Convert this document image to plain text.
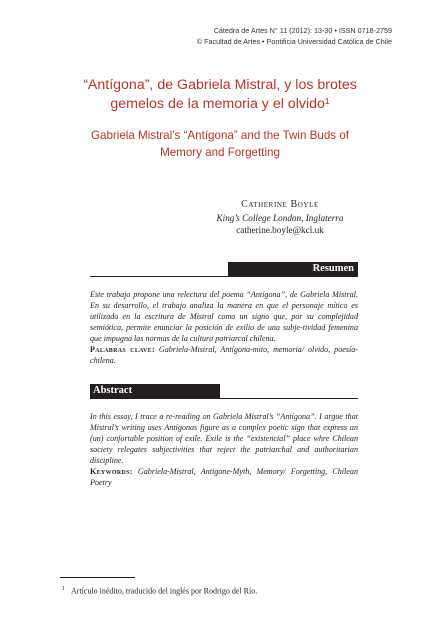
Cátedra de Artes N° 11 (2012): 13-30 • ISSN 0718-2759
© Facultad de Artes • Pontificia Universidad Católica de Chile
“Antígona”, de Gabriela Mistral, y los brotes
gemelos de la memoria y el olvido¹
Gabriela Mistral’s “Antígona” and the Twin Buds of
Memory and Forgetting
Catherine Boyle
King’s College London, Inglaterra
catherine.boyle@kcl.uk
Resumen
Este trabajo propone una relectura del poema “Antígona”, de Gabriela Mistral. En su desarrollo, el trabajo analiza la manera en que el personaje mítico es utilizado en la escritura de Mistral como un signo que, por su complejidad semiótica, permite enunciar la posición de exilio de una subje-tividad femenina que impugna las normas de la cultura patriarcal chilena.
Palabras clave: Gabriela-Mistral, Antígona-mito, memoria/ olvido, poesía-chilena.
Abstract
In this essay, I trace a re-reading on Gabriela Mistral’s “Antígona”. I argue that Mistral’s writing uses Antígonas figure as a complex poetic sign that express an (un) confortable position of exile. Exile is the “existencial” place whre Chilean society relegates subjectivities that reject the patriarchal and authoritarian discipline.
Keywords: Gabriela-Mistral, Antigone-Myth, Memory/ Forgetting, Chilean Poetry
$^1$ Artículo inédito, traducido del inglés por Rodrigo del Río.
